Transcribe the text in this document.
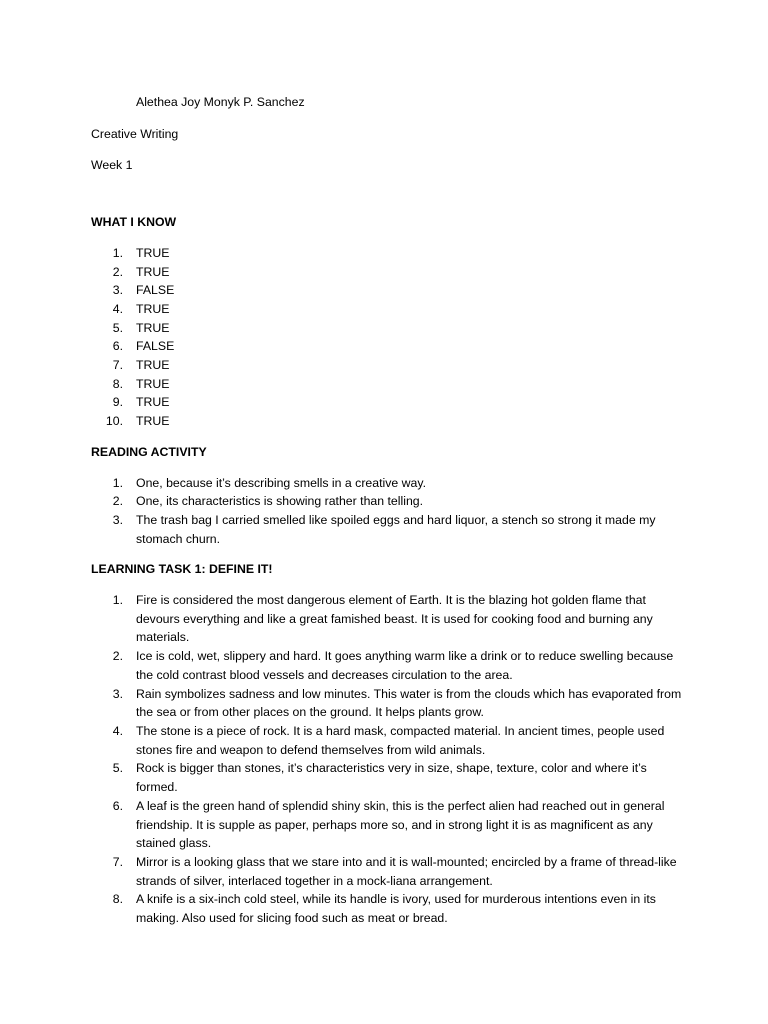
Alethea Joy Monyk P. Sanchez

Creative Writing

Week 1

WHAT I KNOW

1. TRUE
2. TRUE
3. FALSE
4. TRUE
5. TRUE
6. FALSE
7. TRUE
8. TRUE
9. TRUE
10. TRUE

READING ACTIVITY

1. One, because it’s describing smells in a creative way.
2. One, its characteristics is showing rather than telling.
3. The trash bag I carried smelled like spoiled eggs and hard liquor, a stench so strong it made my stomach churn.

LEARNING TASK 1: DEFINE IT!

1. Fire is considered the most dangerous element of Earth. It is the blazing hot golden flame that devours everything and like a great famished beast. It is used for cooking food and burning any materials.
2. Ice is cold, wet, slippery and hard. It goes anything warm like a drink or to reduce swelling because the cold contrast blood vessels and decreases circulation to the area.
3. Rain symbolizes sadness and low minutes. This water is from the clouds which has evaporated from the sea or from other places on the ground. It helps plants grow.
4. The stone is a piece of rock. It is a hard mask, compacted material. In ancient times, people used stones fire and weapon to defend themselves from wild animals.
5. Rock is bigger than stones, it’s characteristics very in size, shape, texture, color and where it’s formed.
6. A leaf is the green hand of splendid shiny skin, this is the perfect alien had reached out in general friendship. It is supple as paper, perhaps more so, and in strong light it is as magnificent as any stained glass.
7. Mirror is a looking glass that we stare into and it is wall-mounted; encircled by a frame of thread-like strands of silver, interlaced together in a mock-liana arrangement.
8. A knife is a six-inch cold steel, while its handle is ivory, used for murderous intentions even in its making. Also used for slicing food such as meat or bread.
